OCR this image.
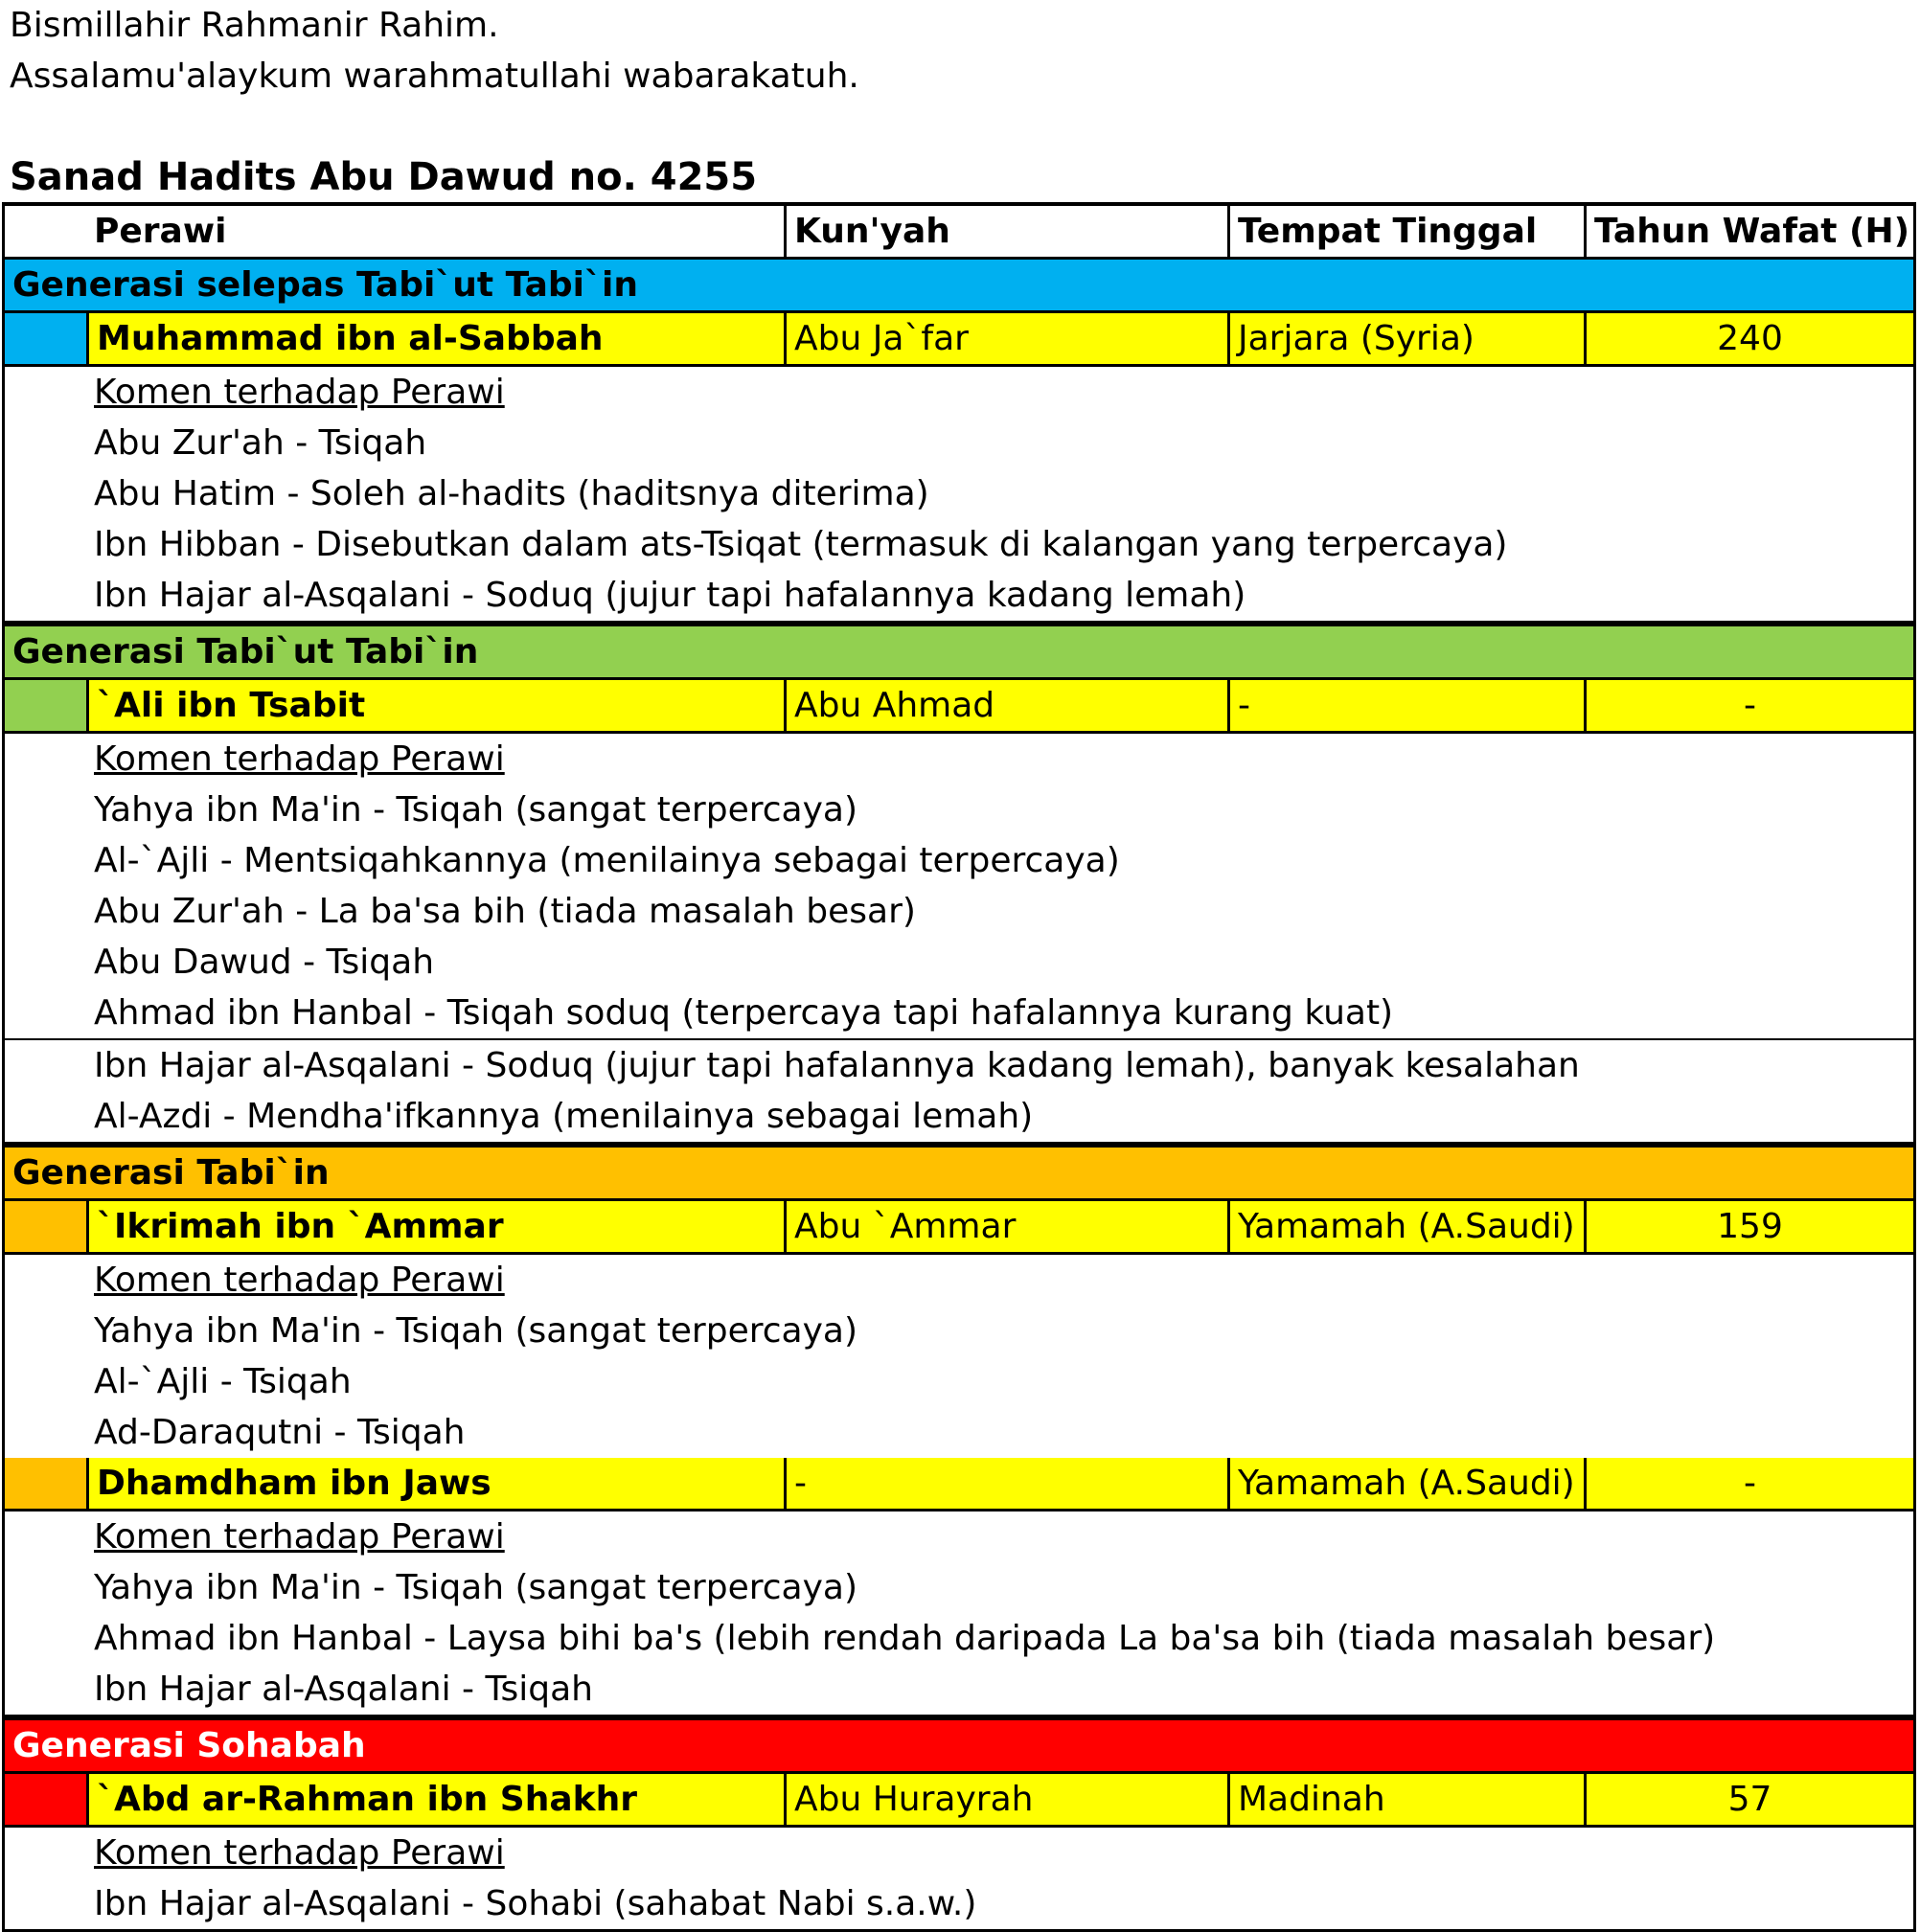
Bismillahir Rahmanir Rahim.
Assalamu'alaykum warahmatullahi wabarakatuh.
Sanad Hadits Abu Dawud no. 4255
Perawi	Kun'yah	Tempat Tinggal	Tahun Wafat (H)
Generasi selepas Tabi`ut Tabi`in
Muhammad ibn al-Sabbah	Abu Ja`far	Jarjara (Syria)	240
Komen terhadap Perawi
Abu Zur'ah - Tsiqah
Abu Hatim - Soleh al-hadits (haditsnya diterima)
Ibn Hibban - Disebutkan dalam ats-Tsiqat (termasuk di kalangan yang terpercaya)
Ibn Hajar al-Asqalani - Soduq (jujur tapi hafalannya kadang lemah)
Generasi Tabi`ut Tabi`in
`Ali ibn Tsabit	Abu Ahmad	-	-
Komen terhadap Perawi
Yahya ibn Ma'in - Tsiqah (sangat terpercaya)
Al-`Ajli - Mentsiqahkannya (menilainya sebagai terpercaya)
Abu Zur'ah - La ba'sa bih (tiada masalah besar)
Abu Dawud - Tsiqah
Ahmad ibn Hanbal - Tsiqah soduq (terpercaya tapi hafalannya kurang kuat)
Ibn Hajar al-Asqalani - Soduq (jujur tapi hafalannya kadang lemah), banyak kesalahan
Al-Azdi - Mendha'ifkannya (menilainya sebagai lemah)
Generasi Tabi`in
`Ikrimah ibn `Ammar	Abu `Ammar	Yamamah (A.Saudi)	159
Komen terhadap Perawi
Yahya ibn Ma'in - Tsiqah (sangat terpercaya)
Al-`Ajli - Tsiqah
Ad-Daraqutni - Tsiqah
Dhamdham ibn Jaws	-	Yamamah (A.Saudi)	-
Komen terhadap Perawi
Yahya ibn Ma'in - Tsiqah (sangat terpercaya)
Ahmad ibn Hanbal - Laysa bihi ba's (lebih rendah daripada La ba'sa bih (tiada masalah besar)
Ibn Hajar al-Asqalani - Tsiqah
Generasi Sohabah
`Abd ar-Rahman ibn Shakhr	Abu Hurayrah	Madinah	57
Komen terhadap Perawi
Ibn Hajar al-Asqalani - Sohabi (sahabat Nabi s.a.w.)
